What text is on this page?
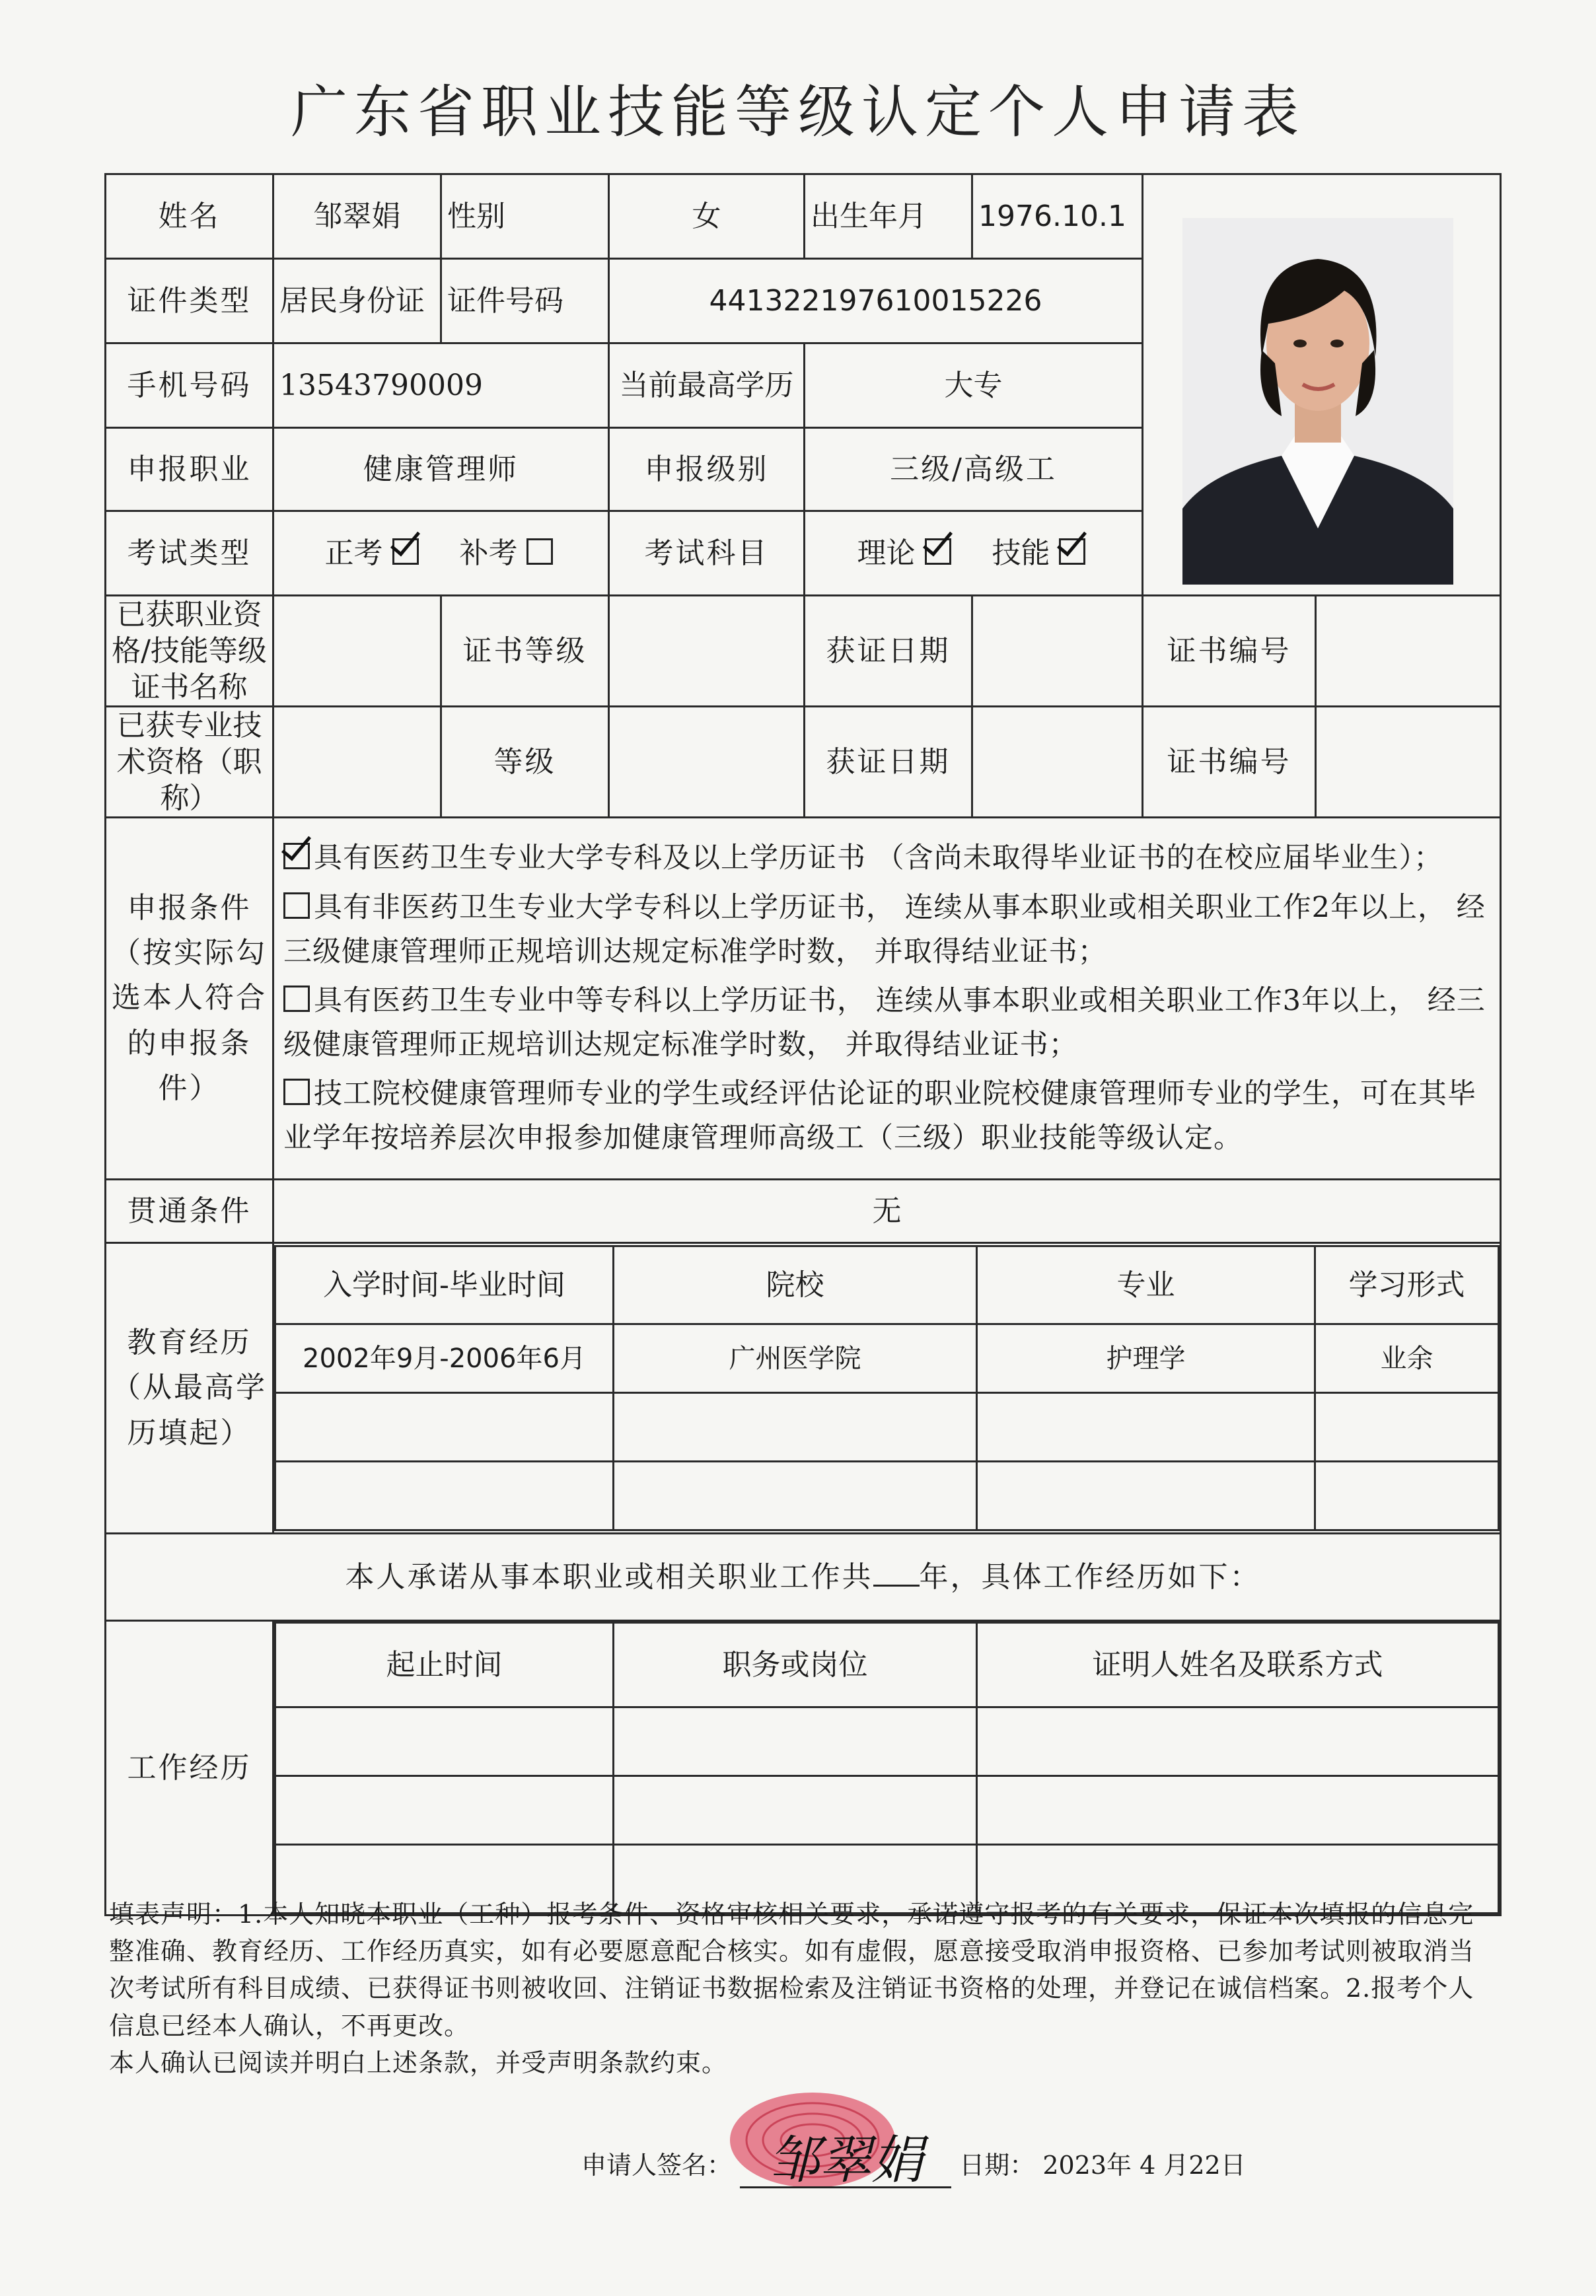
广东省职业技能等级认定个人申请表
姓名	邹翠娟	性别	女	出生年月	1976.10.1	
证件类型	居民身份证	证件号码	441322197610015226
手机号码	13543790009	当前最高学历	大专
申报职业	健康管理师	申报级别	三级/高级工
考试类型	正考	补考	考试科目	理论	技能
已获职业资格/技能等级证书名称		证书等级		获证日期		证书编号	
已获专业技术资格（职称）		等级		获证日期		证书编号	
申报条件（按实际勾选本人符合的申报条件）	

具有医药卫生专业大学专科及以上学历证书 （含尚未取得毕业证书的在校应届毕业生）；

具有非医药卫生专业大学专科以上学历证书， 连续从事本职业或相关职业工作2年以上， 经三级健康管理师正规培训达规定标准学时数， 并取得结业证书；

具有医药卫生专业中等专科以上学历证书， 连续从事本职业或相关职业工作3年以上， 经三级健康管理师正规培训达规定标准学时数， 并取得结业证书；

技工院校健康管理师专业的学生或经评估论证的职业院校健康管理师专业的学生，可在其毕业学年按培养层次申报参加健康管理师高级工（三级）职业技能等级认定。

贯通条件	无
教育经历（从最高学历填起）	
入学时间-毕业时间	院校	专业	学习形式
2002年9月-2006年6月	广州医学院	护理学	业余

本人承诺从事本职业或相关职业工作共 年，具体工作经历如下：
工作经历	
起止时间	职务或岗位	证明人姓名及联系方式

填表声明：1.本人知晓本职业（工种）报考条件、资格审核相关要求，承诺遵守报考的有关要求，保证本次填报的信息完整准确、教育经历、工作经历真实，如有必要愿意配合核实。如有虚假，愿意接受取消申报资格、已参加考试则被取消当次考试所有科目成绩、已获得证书则被收回、注销证书数据检索及注销证书资格的处理，并登记在诚信档案。2.报考个人信息已经本人确认，不再更改。

本人确认已阅读并明白上述条款，并受声明条款约束。

申请人签名： 邹翠娟 日期： 2023年 4 月22日
